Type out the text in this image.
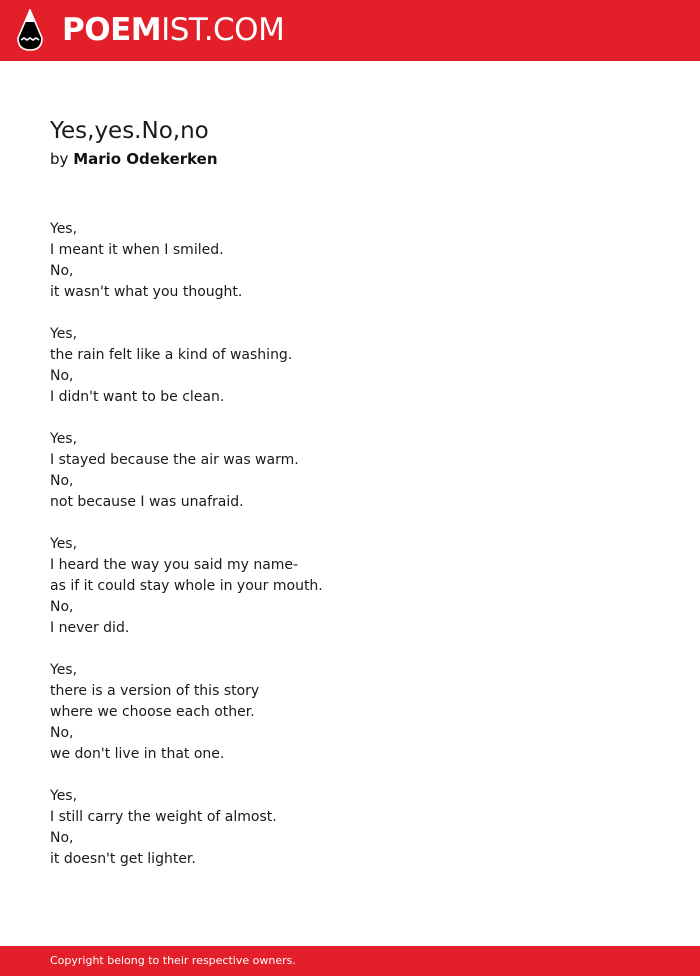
POEMIST.COM
Yes,yes.No,no
by Mario Odekerken
Yes,
I meant it when I smiled.
No,
it wasn't what you thought.
Yes,
the rain felt like a kind of washing.
No,
I didn't want to be clean.
Yes,
I stayed because the air was warm.
No,
not because I was unafraid.
Yes,
I heard the way you said my name-
as if it could stay whole in your mouth.
No,
I never did.
Yes,
there is a version of this story
where we choose each other.
No,
we don't live in that one.
Yes,
I still carry the weight of almost.
No,
it doesn't get lighter.
Copyright belong to their respective owners.
